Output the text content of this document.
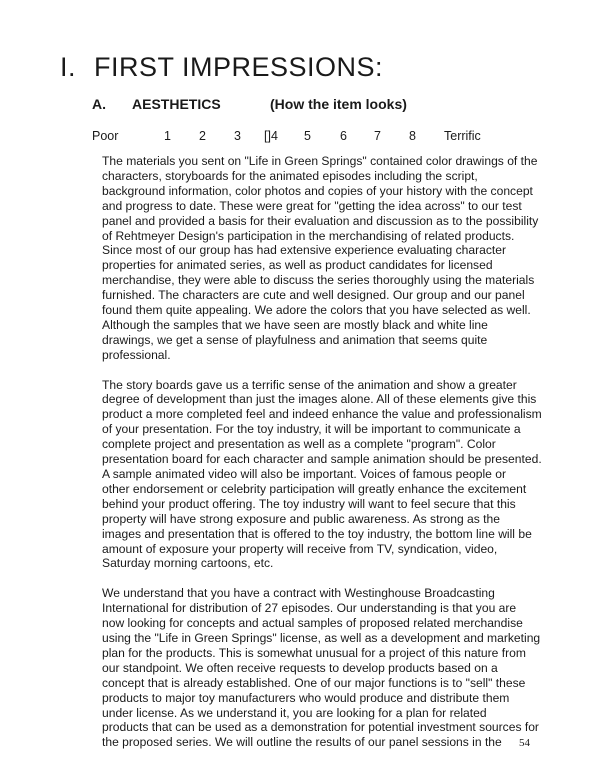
I. FIRST IMPRESSIONS:
A. AESTHETICS	(How the item looks)
Poor	1 2 3 []4 5 6 7 8 Terrific

The materials you sent on "Life in Green Springs" contained color drawings of the
characters, storyboards for the animated episodes including the script,
background information, color photos and copies of your history with the concept
and progress to date. These were great for "getting the idea across" to our test
panel and provided a basis for their evaluation and discussion as to the possibility
of Rehtmeyer Design's participation in the merchandising of related products.
Since most of our group has had extensive experience evaluating character
properties for animated series, as well as product candidates for licensed
merchandise, they were able to discuss the series thoroughly using the materials
furnished. The characters are cute and well designed. Our group and our panel
found them quite appealing. We adore the colors that you have selected as well.
Although the samples that we have seen are mostly black and white line
drawings, we get a sense of playfulness and animation that seems quite
professional.

The story boards gave us a terrific sense of the animation and show a greater
degree of development than just the images alone. All of these elements give this
product a more completed feel and indeed enhance the value and professionalism
of your presentation. For the toy industry, it will be important to communicate a
complete project and presentation as well as a complete "program". Color
presentation board for each character and sample animation should be presented.
A sample animated video will also be important. Voices of famous people or
other endorsement or celebrity participation will greatly enhance the excitement
behind your product offering. The toy industry will want to feel secure that this
property will have strong exposure and public awareness. As strong as the
images and presentation that is offered to the toy industry, the bottom line will be
amount of exposure your property will receive from TV, syndication, video,
Saturday morning cartoons, etc.

We understand that you have a contract with Westinghouse Broadcasting
International for distribution of 27 episodes. Our understanding is that you are
now looking for concepts and actual samples of proposed related merchandise
using the "Life in Green Springs" license, as well as a development and marketing
plan for the products. This is somewhat unusual for a project of this nature from
our standpoint. We often receive requests to develop products based on a
concept that is already established. One of our major functions is to "sell" these
products to major toy manufacturers who would produce and distribute them
under license. As we understand it, you are looking for a plan for related
products that can be used as a demonstration for potential investment sources for
the proposed series. We will outline the results of our panel sessions in the	54
